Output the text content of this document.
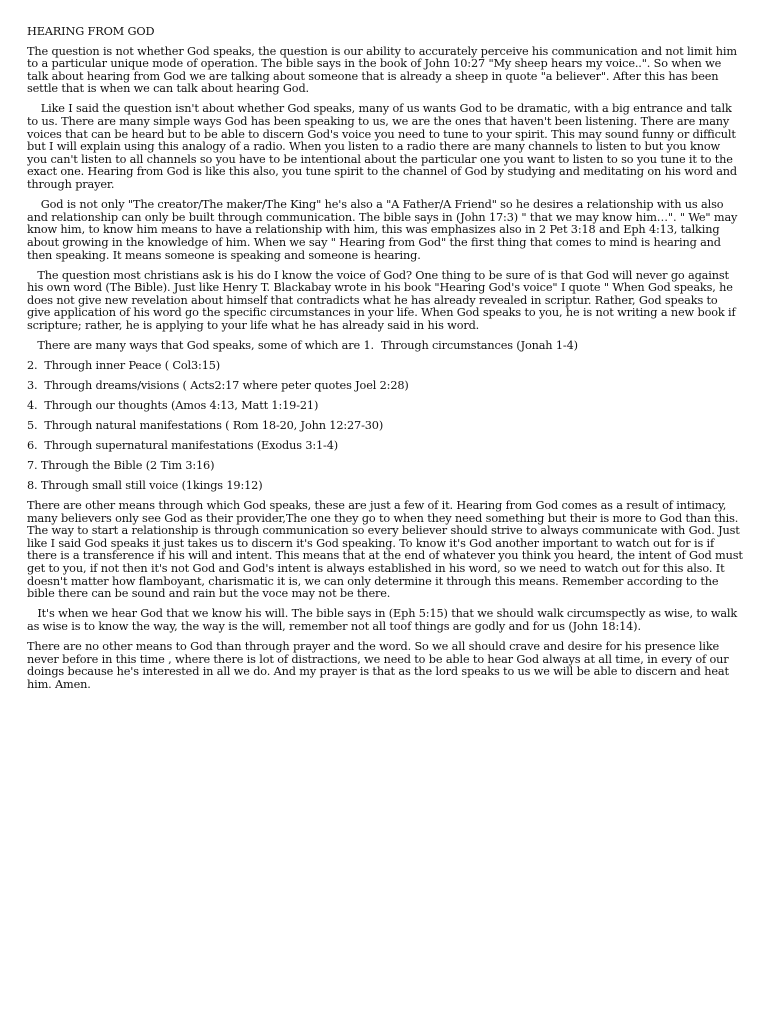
HEARING FROM GOD

The question is not whether God speaks, the question is our ability to accurately perceive his communication and not limit him to a particular unique mode of operation. The bible says in the book of John 10:27 "My sheep hears my voice..". So when we talk about hearing from God we are talking about someone that is already a sheep in quote "a believer". After this has been settle that is when we can talk about hearing God.

Like I said the question isn't about whether God speaks, many of us wants God to be dramatic, with a big entrance and talk to us. There are many simple ways God has been speaking to us, we are the ones that haven't been listening. There are many voices that can be heard but to be able to discern God's voice you need to tune to your spirit. This may sound funny or difficult but I will explain using this analogy of a radio. When you listen to a radio there are many channels to listen to but you know you can't listen to all channels so you have to be intentional about the particular one you want to listen to so you tune it to the exact one. Hearing from God is like this also, you tune spirit to the channel of God by studying and meditating on his word and through prayer.

God is not only "The creator/The maker/The King" he's also a "A Father/A Friend" so he desires a relationship with us also and relationship can only be built through communication. The bible says in (John 17:3) " that we may know him…". " We" may know him, to know him means to have a relationship with him, this was emphasizes also in 2 Pet 3:18 and Eph 4:13, talking about growing in the knowledge of him. When we say " Hearing from God" the first thing that comes to mind is hearing and then speaking. It means someone is speaking and someone is hearing.

The question most christians ask is his do I know the voice of God? One thing to be sure of is that God will never go against his own word (The Bible). Just like Henry T. Blackabay wrote in his book "Hearing God's voice" I quote " When God speaks, he does not give new revelation about himself that contradicts what he has already revealed in scriptur. Rather, God speaks to give application of his word go the specific circumstances in your life. When God speaks to you, he is not writing a new book if scripture; rather, he is applying to your life what he has already said in his word.

There are many ways that God speaks, some of which are 1.  Through circumstances (Jonah 1-4)

2.  Through inner Peace ( Col3:15)
3.  Through dreams/visions ( Acts2:17 where peter quotes Joel 2:28)
4.  Through our thoughts (Amos 4:13, Matt 1:19-21)
5.  Through natural manifestations ( Rom 18-20, John 12:27-30)
6.  Through supernatural manifestations (Exodus 3:1-4)
7. Through the Bible (2 Tim 3:16)
8. Through small still voice (1kings 19:12)

There are other means through which God speaks, these are just a few of it. Hearing from God comes as a result of intimacy, many believers only see God as their provider,The one they go to when they need something but their is more to God than this. The way to start a relationship is through communication so every believer should strive to always communicate with God. Just like I said God speaks it just takes us to discern it's God speaking. To know it's God another important to watch out for is if there is a transference if his will and intent. This means that at the end of whatever you think you heard, the intent of God must get to you, if not then it's not God and God's intent is always established in his word, so we need to watch out for this also. It doesn't matter how flamboyant, charismatic it is, we can only determine it through this means. Remember according to the bible there can be sound and rain but the voce may not be there.

It's when we hear God that we know his will. The bible says in (Eph 5:15) that we should walk circumspectly as wise, to walk as wise is to know the way, the way is the will, remember not all toof things are godly and for us (John 18:14).

There are no other means to God than through prayer and the word. So we all should crave and desire for his presence like never before in this time , where there is lot of distractions, we need to be able to hear God always at all time, in every of our doings because he's interested in all we do. And my prayer is that as the lord speaks to us we will be able to discern and heat him. Amen.
